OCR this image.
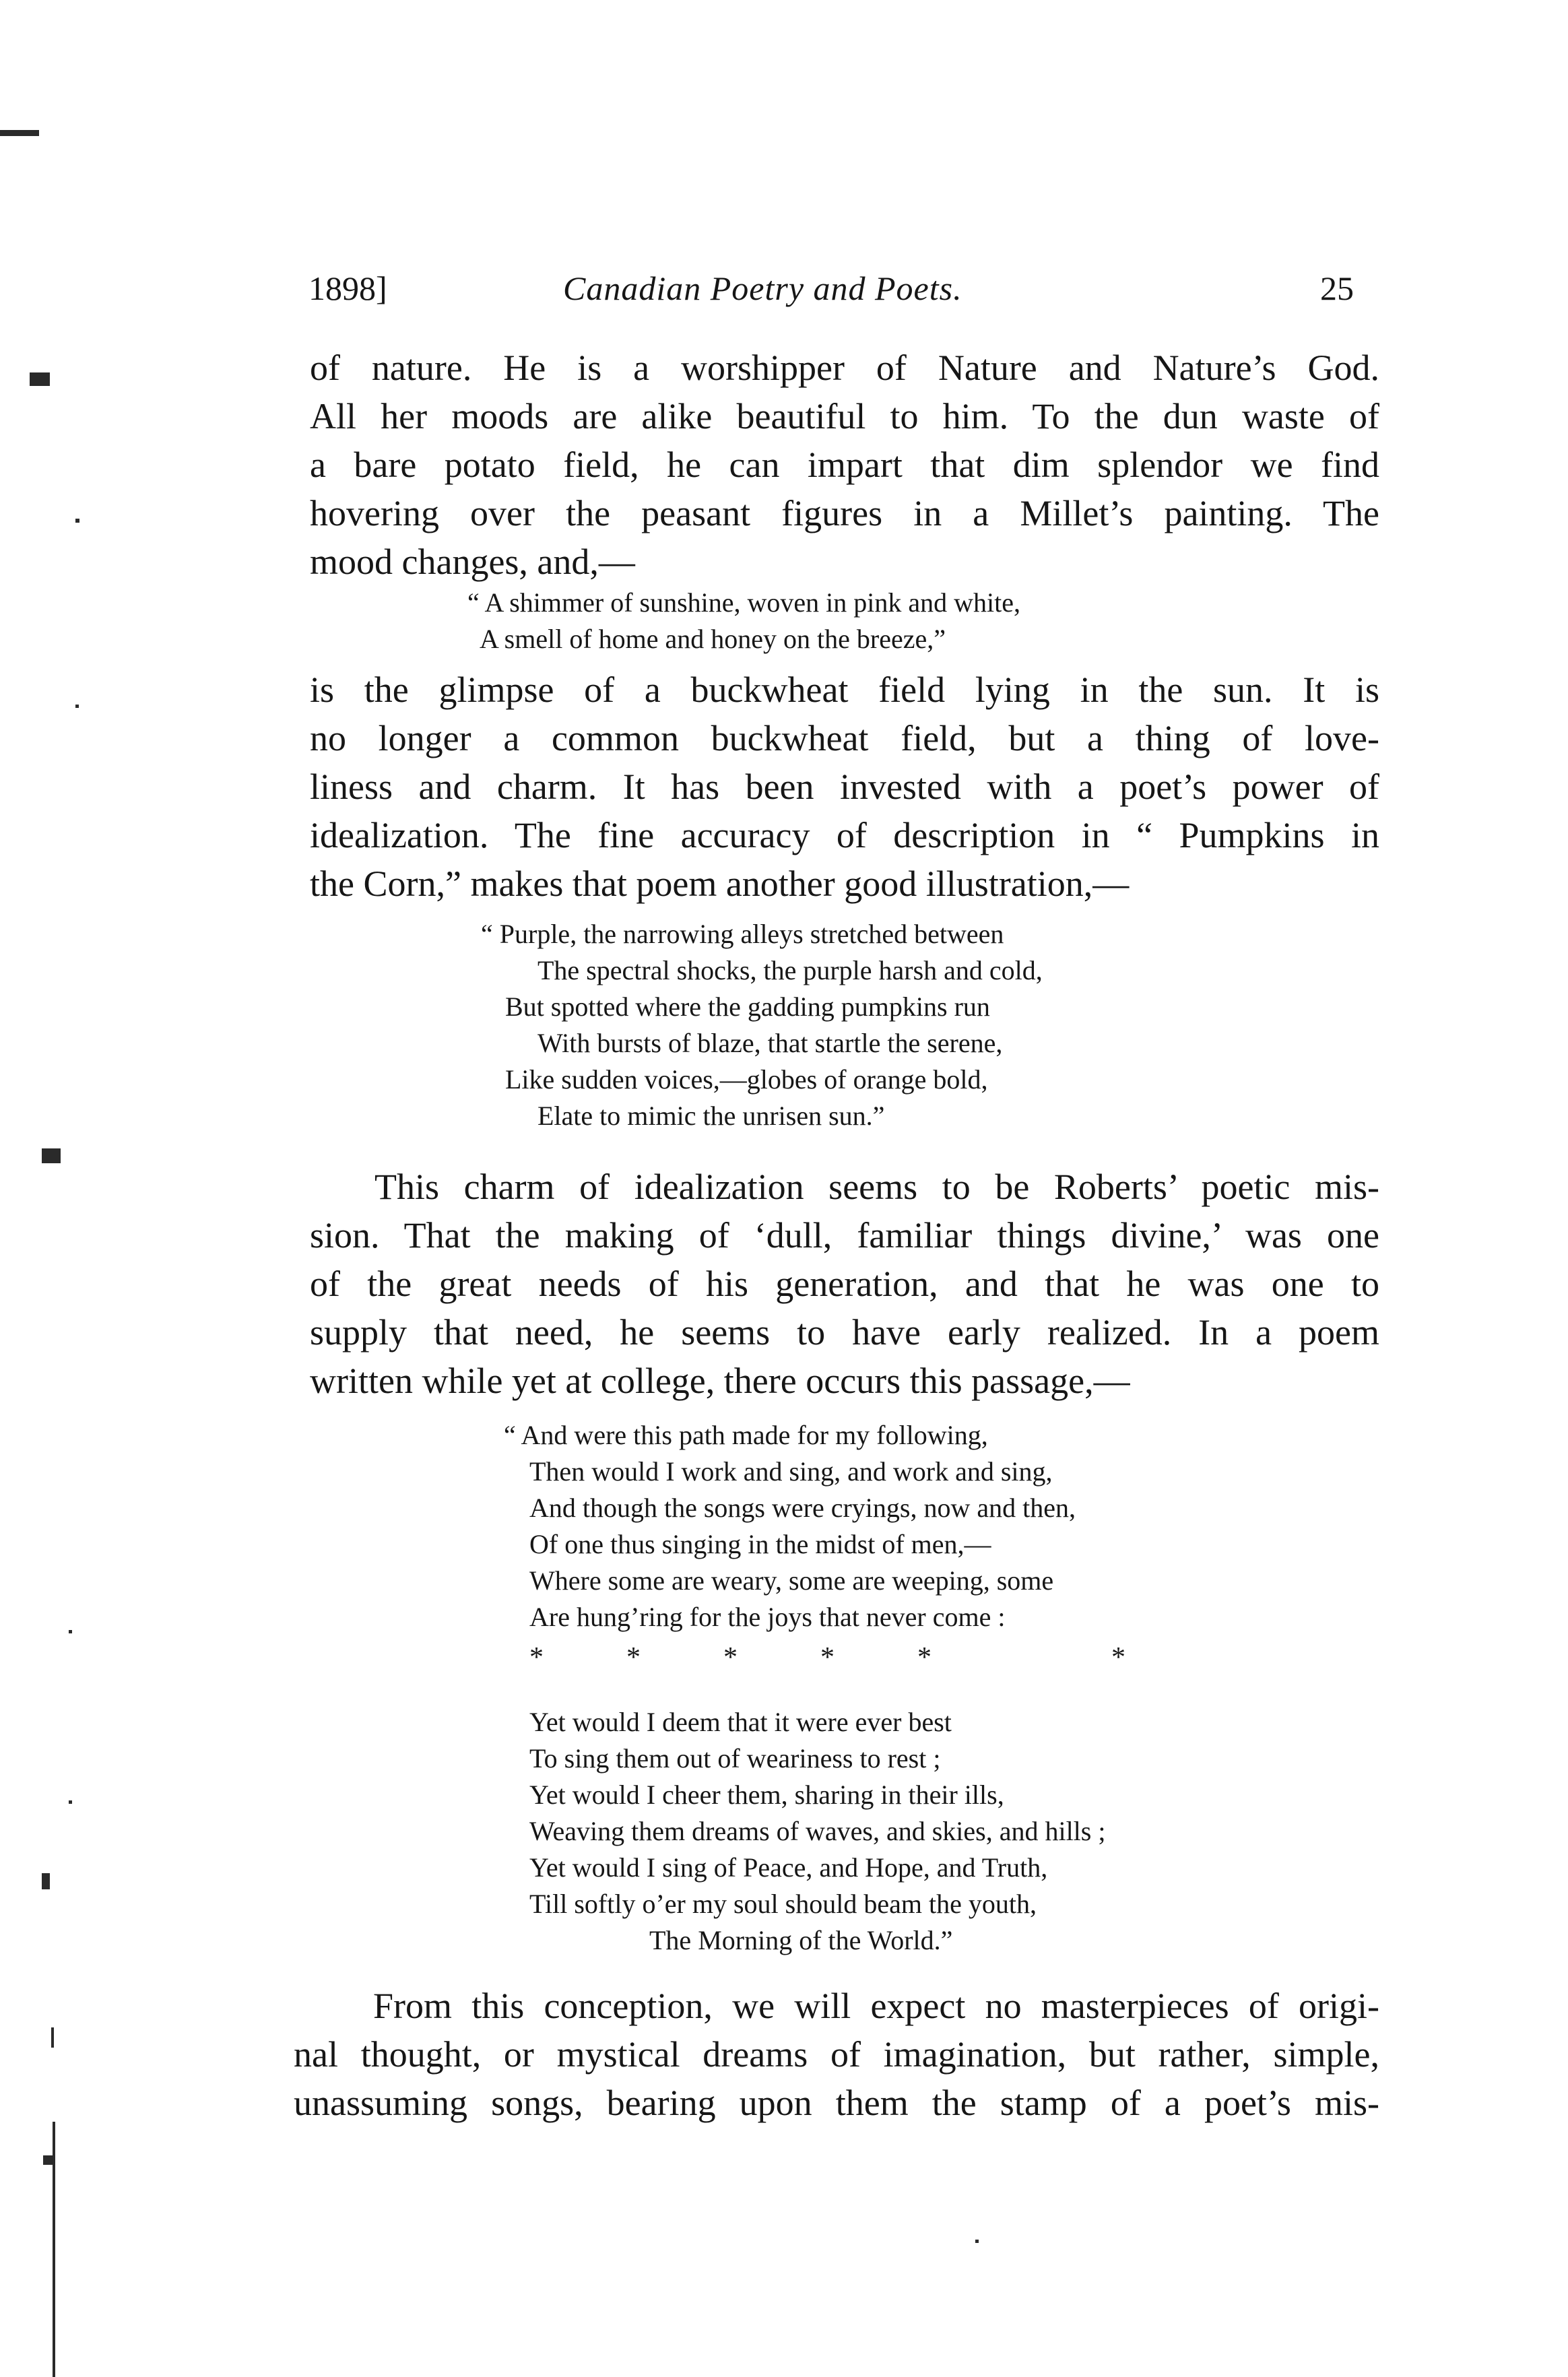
1898]	Canadian Poetry and Poets.	25
of nature. He is a worshipper of Nature and Nature’s God.
All her moods are alike beautiful to him. To the dun waste of
a bare potato field, he can impart that dim splendor we find
hovering over the peasant figures in a Millet’s painting. The
mood changes, and,—
“ A shimmer of sunshine, woven in pink and white,
A smell of home and honey on the breeze,”
is the glimpse of a buckwheat field lying in the sun. It is
no longer a common buckwheat field, but a thing of love-
liness and charm. It has been invested with a poet’s power of
idealization. The fine accuracy of description in “ Pumpkins in
the Corn,” makes that poem another good illustration,—
“ Purple, the narrowing alleys stretched between
The spectral shocks, the purple harsh and cold,
But spotted where the gadding pumpkins run
With bursts of blaze, that startle the serene,
Like sudden voices,—globes of orange bold,
Elate to mimic the unrisen sun.”
This charm of idealization seems to be Roberts’ poetic mis-
sion. That the making of ‘dull, familiar things divine,’ was one
of the great needs of his generation, and that he was one to
supply that need, he seems to have early realized. In a poem
written while yet at college, there occurs this passage,—
“ And were this path made for my following,
Then would I work and sing, and work and sing,
And though the songs were cryings, now and then,
Of one thus singing in the midst of men,—
Where some are weary, some are weeping, some
Are hung’ring for the joys that never come :
*	*	*	*	*	*
Yet would I deem that it were ever best
To sing them out of weariness to rest ;
Yet would I cheer them, sharing in their ills,
Weaving them dreams of waves, and skies, and hills ;
Yet would I sing of Peace, and Hope, and Truth,
Till softly o’er my soul should beam the youth,
The Morning of the World.”
From this conception, we will expect no masterpieces of origi-
nal thought, or mystical dreams of imagination, but rather, simple,
unassuming songs, bearing upon them the stamp of a poet’s mis-
